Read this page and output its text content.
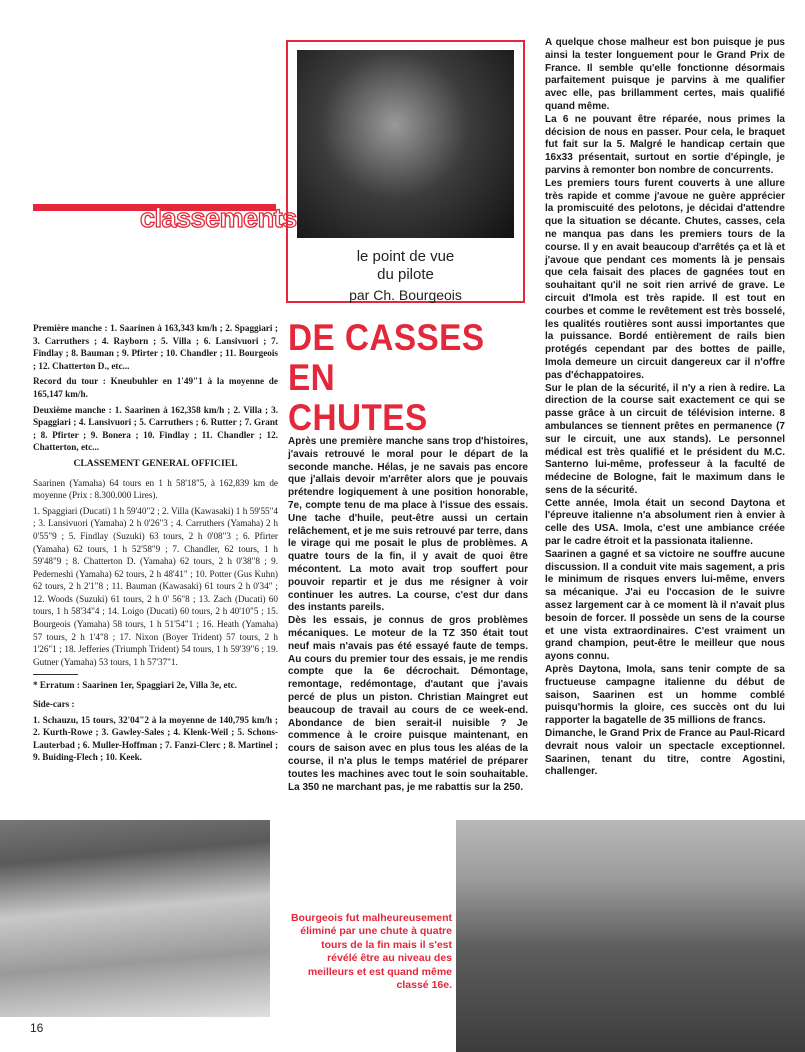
classements

Première manche : 1. Saarinen à 163,343 km/h ; 2. Spaggiari ; 3. Carruthers ; 4. Rayborn ; 5. Villa ; 6. Lansivuori ; 7. Findlay ; 8. Bauman ; 9. Pfirter ; 10. Chandler ; 11. Bourgeois ; 12. Chatterton D., etc...

Record du tour : Kneubuhler en 1'49"1 à la moyenne de 165,147 km/h.

Deuxième manche : 1. Saarinen à 162,358 km/h ; 2. Villa ; 3. Spaggiari ; 4. Lansivuori ; 5. Carruthers ; 6. Rutter ; 7. Grant ; 8. Pfirter ; 9. Bonera ; 10. Findlay ; 11. Chandler ; 12. Chatterton, etc...

CLASSEMENT GENERAL OFFICIEL

Saarinen (Yamaha) 64 tours en 1 h 58'18"5, à 162,839 km de moyenne (Prix : 8.300.000 Lires).

1. Spaggiari (Ducati) 1 h 59'40"2 ; 2. Villa (Kawasaki) 1 h 59'55"4 ; 3. Lansivuori (Yamaha) 2 h 0'26"3 ; 4. Carruthers (Yamaha) 2 h 0'55"9 ; 5. Findlay (Suzuki) 63 tours, 2 h 0'08"3 ; 6. Pfirter (Yamaha) 62 tours, 1 h 52'58"9 ; 7. Chandler, 62 tours, 1 h 59'48"9 ; 8. Chatterton D. (Yamaha) 62 tours, 2 h 0'38"8 ; 9. Pederneshi (Yamaha) 62 tours, 2 h 48'41" ; 10. Potter (Gus Kuhn) 62 tours, 2 h 2'1"8 ; 11. Bauman (Kawasaki) 61 tours 2 h 0'34" ; 12. Woods (Suzuki) 61 tours, 2 h 0' 56"8 ; 13. Zach (Ducati) 60 tours, 1 h 58'34"4 ; 14. Loigo (Ducati) 60 tours, 2 h 40'10"5 ; 15. Bourgeois (Yamaha) 58 tours, 1 h 51'54"1 ; 16. Heath (Yamaha) 57 tours, 2 h 1'4"8 ; 17. Nixon (Boyer Trident) 57 tours, 2 h 1'26"1 ; 18. Jefferies (Triumph Trident) 54 tours, 1 h 59'39"6 ; 19. Gutner (Yamaha) 53 tours, 1 h 57'37"1.

* Erratum : Saarinen 1er, Spaggiari 2e, Villa 3e, etc.

Side-cars :

1. Schauzu, 15 tours, 32'04"2 à la moyenne de 140,795 km/h ; 2. Kurth-Rowe ; 3. Gawley-Sales ; 4. Klenk-Weil ; 5. Schons-Lauterbad ; 6. Muller-Hoffman ; 7. Fanzi-Clerc ; 8. Martinel ; 9. Buiding-Flech ; 10. Keek.

le point de vue
du pilote
par Ch. Bourgeois
DE CASSES
EN
CHUTES

Après une première manche sans trop d'histoires, j'avais retrouvé le moral pour le départ de la seconde manche. Hélas, je ne savais pas encore que j'allais devoir m'arrêter alors que je pouvais prétendre logiquement à une position honorable, 7e, compte tenu de ma place à l'issue des essais. Une tache d'huile, peut-être aussi un certain relâchement, et je me suis retrouvé par terre, dans le virage qui me posait le plus de problèmes. A quatre tours de la fin, il y avait de quoi être mécontent. La moto avait trop souffert pour pouvoir repartir et je dus me résigner à voir continuer les autres. La course, c'est dur dans des instants pareils.

Dès les essais, je connus de gros problèmes mécaniques. Le moteur de la TZ 350 était tout neuf mais n'avais pas été essayé faute de temps. Au cours du premier tour des essais, je me rendis compte que la 6e décrochait. Démontage, remontage, redémontage, d'autant que j'avais percé de plus un piston. Christian Maingret eut beaucoup de travail au cours de ce week-end. Abondance de bien serait-il nuisible ? Je commence à le croire puisque maintenant, en cours de saison avec en plus tous les aléas de la course, il n'a plus le temps matériel de préparer toutes les machines avec tout le soin souhaitable. La 350 ne marchant pas, je me rabattis sur la 250.

A quelque chose malheur est bon puisque je pus ainsi la tester longuement pour le Grand Prix de France. Il semble qu'elle fonctionne désormais parfaitement puisque je parvins à me qualifier avec elle, pas brillamment certes, mais qualifié quand même.

La 6 ne pouvant être réparée, nous primes la décision de nous en passer. Pour cela, le braquet fut fait sur la 5. Malgré le handicap certain que 16x33 présentait, surtout en sortie d'épingle, je parvins à remonter bon nombre de concurrents.

Les premiers tours furent couverts à une allure très rapide et comme j'avoue ne guère apprécier la promiscuité des pelotons, je décidai d'attendre que la situation se décante. Chutes, casses, cela ne manqua pas dans les premiers tours de la course. Il y en avait beaucoup d'arrêtés ça et là et j'avoue que pendant ces moments là je pensais que cela faisait des places de gagnées tout en souhaitant qu'il ne soit rien arrivé de grave. Le circuit d'Imola est très rapide. Il est tout en courbes et comme le revêtement est très bosselé, les qualités routières sont aussi importantes que la puissance. Bordé entièrement de rails bien protégés cependant par des bottes de paille, Imola demeure un circuit dangereux car il n'offre pas d'échappatoires.

Sur le plan de la sécurité, il n'y a rien à redire. La direction de la course sait exactement ce qui se passe grâce à un circuit de télévision interne. 8 ambulances se tiennent prêtes en permanence (7 sur le circuit, une aux stands). Le personnel médical est très qualifié et le président du M.C. Santerno lui-même, professeur à la faculté de médecine de Bologne, fait le maximum dans le sens de la sécurité.

Cette année, Imola était un second Daytona et l'épreuve italienne n'a absolument rien à envier à celle des USA. Imola, c'est une ambiance créée par le cadre étroit et la passionata italienne.

Saarinen a gagné et sa victoire ne souffre aucune discussion. Il a conduit vite mais sagement, a pris le minimum de risques envers lui-même, envers sa mécanique. J'ai eu l'occasion de le suivre assez largement car à ce moment là il n'avait plus besoin de forcer. Il possède un sens de la course et une vista extraordinaires. C'est vraiment un grand champion, peut-être le meilleur que nous ayons connu.

Après Daytona, Imola, sans tenir compte de sa fructueuse campagne italienne du début de saison, Saarinen est un homme comblé puisqu'hormis la gloire, ces succès ont du lui rapporter la bagatelle de 35 millions de francs.

Dimanche, le Grand Prix de France au Paul-Ricard devrait nous valoir un spectacle exceptionnel. Saarinen, tenant du titre, contre Agostini, challenger.

Bourgeois fut malheureusement éliminé par une chute à quatre tours de la fin mais il s'est révélé être au niveau des meilleurs et est quand même classé 16e.
16
